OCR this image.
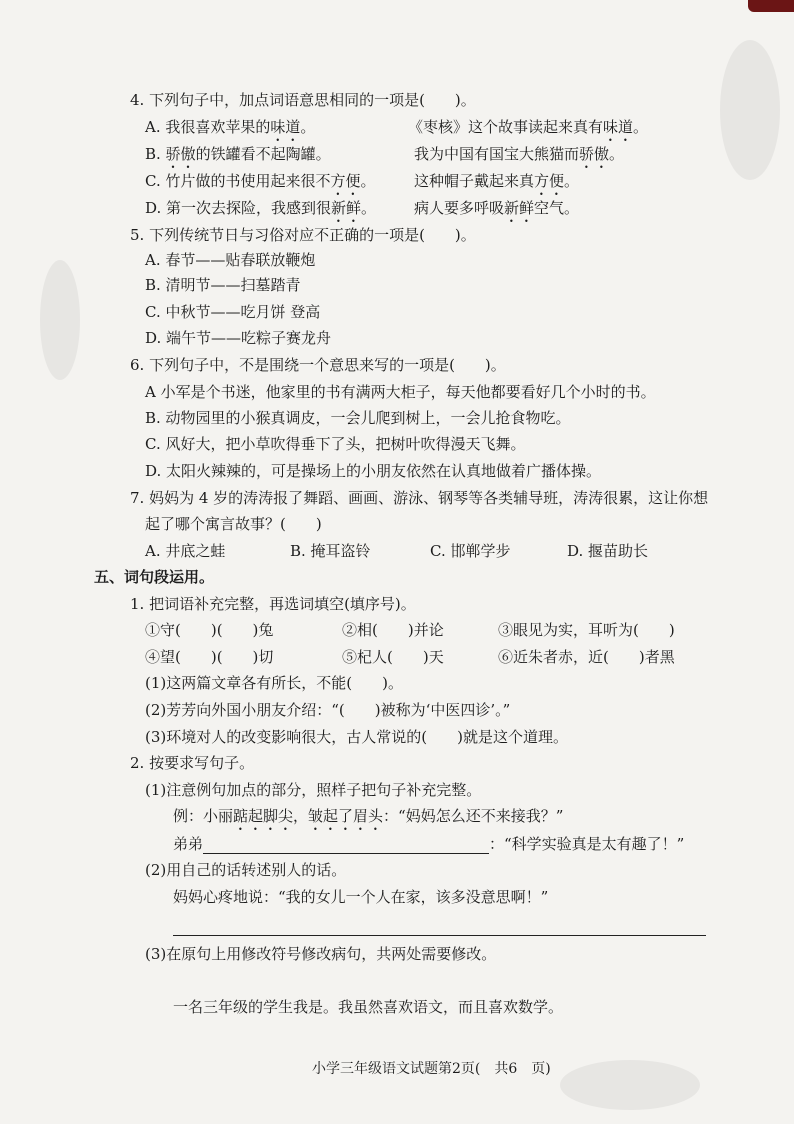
4. 下列句子中，加点词语意思相同的一项是(　　)。
A. 我很喜欢苹果的味道。	《枣核》这个故事读起来真有味道。
B. 骄傲的铁罐看不起陶罐。	我为中国有国宝大熊猫而骄傲。
C. 竹片做的书使用起来很不方便。	这种帽子戴起来真方便。
D. 第一次去探险，我感到很新鲜。	病人要多呼吸新鲜空气。
5. 下列传统节日与习俗对应不正确的一项是(　　)。
A. 春节——贴春联放鞭炮
B. 清明节——扫墓踏青
C. 中秋节——吃月饼 登高
D. 端午节——吃粽子赛龙舟
6. 下列句子中，不是围绕一个意思来写的一项是(　　)。
A 小军是个书迷，他家里的书有满两大柜子，每天他都要看好几个小时的书。
B. 动物园里的小猴真调皮，一会儿爬到树上，一会儿抢食物吃。
C. 风好大，把小草吹得垂下了头，把树叶吹得漫天飞舞。
D. 太阳火辣辣的，可是操场上的小朋友依然在认真地做着广播体操。
7. 妈妈为 4 岁的涛涛报了舞蹈、画画、游泳、钢琴等各类辅导班，涛涛很累，这让你想
起了哪个寓言故事？(　　)
A. 井底之蛙	B. 掩耳盗铃	C. 邯郸学步	D. 揠苗助长
五、词句段运用。
1. 把词语补充完整，再选词填空(填序号)。
①守(　　)(　　)兔	②相(　　)并论	③眼见为实，耳听为(　　)
④望(　　)(　　)切	⑤杞人(　　)天	⑥近朱者赤，近(　　)者黑
(1)这两篇文章各有所长，不能(　　)。
(2)芳芳向外国小朋友介绍：“(　　)被称为‘中医四诊’。”
(3)环境对人的改变影响很大，古人常说的(　　)就是这个道理。
2. 按要求写句子。
(1)注意例句加点的部分，照样子把句子补充完整。
例：小丽踮起脚尖，皱起了眉头：“妈妈怎么还不来接我？”
弟弟	：“科学实验真是太有趣了！”
(2)用自己的话转述别人的话。
妈妈心疼地说：“我的女儿一个人在家，该多没意思啊！”
(3)在原句上用修改符号修改病句，共两处需要修改。
一名三年级的学生我是。我虽然喜欢语文，而且喜欢数学。
小学三年级语文试题第2页(　共6　页)
